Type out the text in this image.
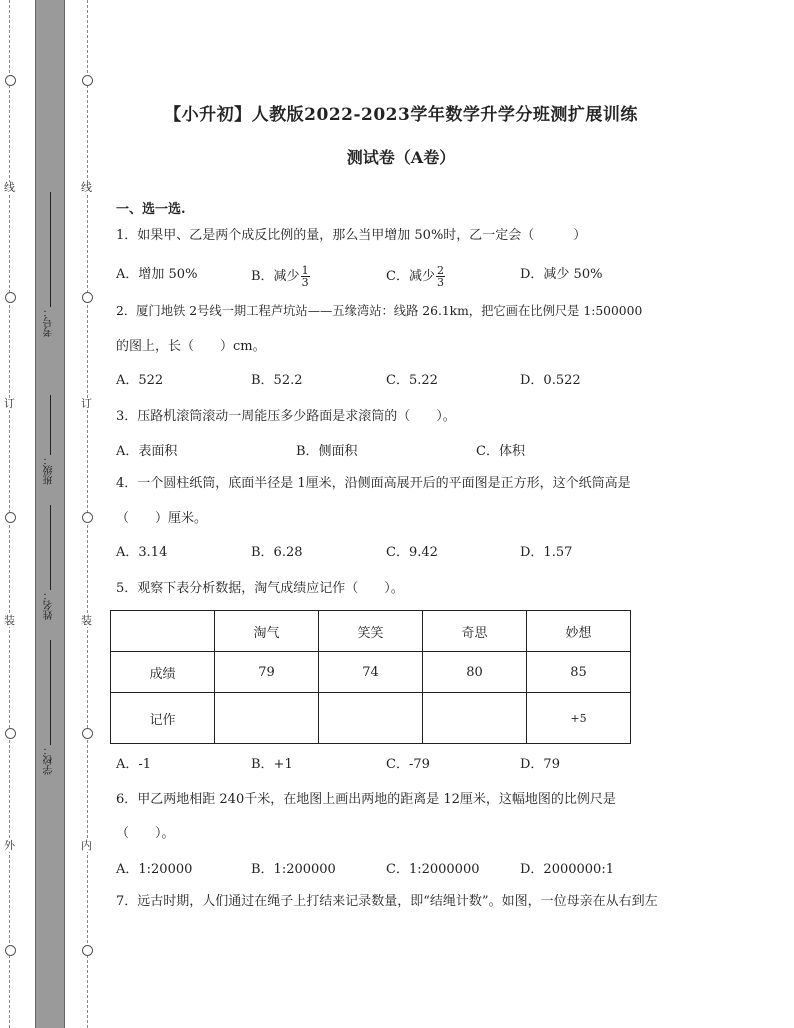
线
订
装
外
线
订
装
内
考号：
班级：
姓名：
学校：
【小升初】人教版2022-2023学年数学升学分班测扩展训练
测试卷（A卷）
一、选一选.
1．如果甲、乙是两个成反比例的量，那么当甲增加 50%时，乙一定会（　　　）
A．增加 50%	B．减少 $\frac{1}{3}$	C．减少 $\frac{2}{3}$	D．减少 50%
2．厦门地铁 2号线一期工程芦坑站——五缘湾站：线路 26.1km，把它画在比例尺是 1:500000
的图上，长（　　）cm。
A．522	B．52.2	C．5.22	D．0.522
3．压路机滚筒滚动一周能压多少路面是求滚筒的（　　）。
A．表面积	B．侧面积	C．体积
4．一个圆柱纸筒，底面半径是 1厘米，沿侧面高展开后的平面图是正方形，这个纸筒高是
（　　）厘米。
A．3.14	B．6.28	C．9.42	D．1.57
5．观察下表分析数据，淘气成绩应记作（　　）。
	淘气	笑笑	奇思	妙想
成绩	79	74	80	85
记作				+5
A．-1	B．+1	C．-79	D．79
6．甲乙两地相距 240千米，在地图上画出两地的距离是 12厘米，这幅地图的比例尺是
（　　）。
A．1:20000	B．1:200000	C．1:2000000	D．2000000:1
7．远古时期，人们通过在绳子上打结来记录数量，即“结绳计数”。如图，一位母亲在从右到左
